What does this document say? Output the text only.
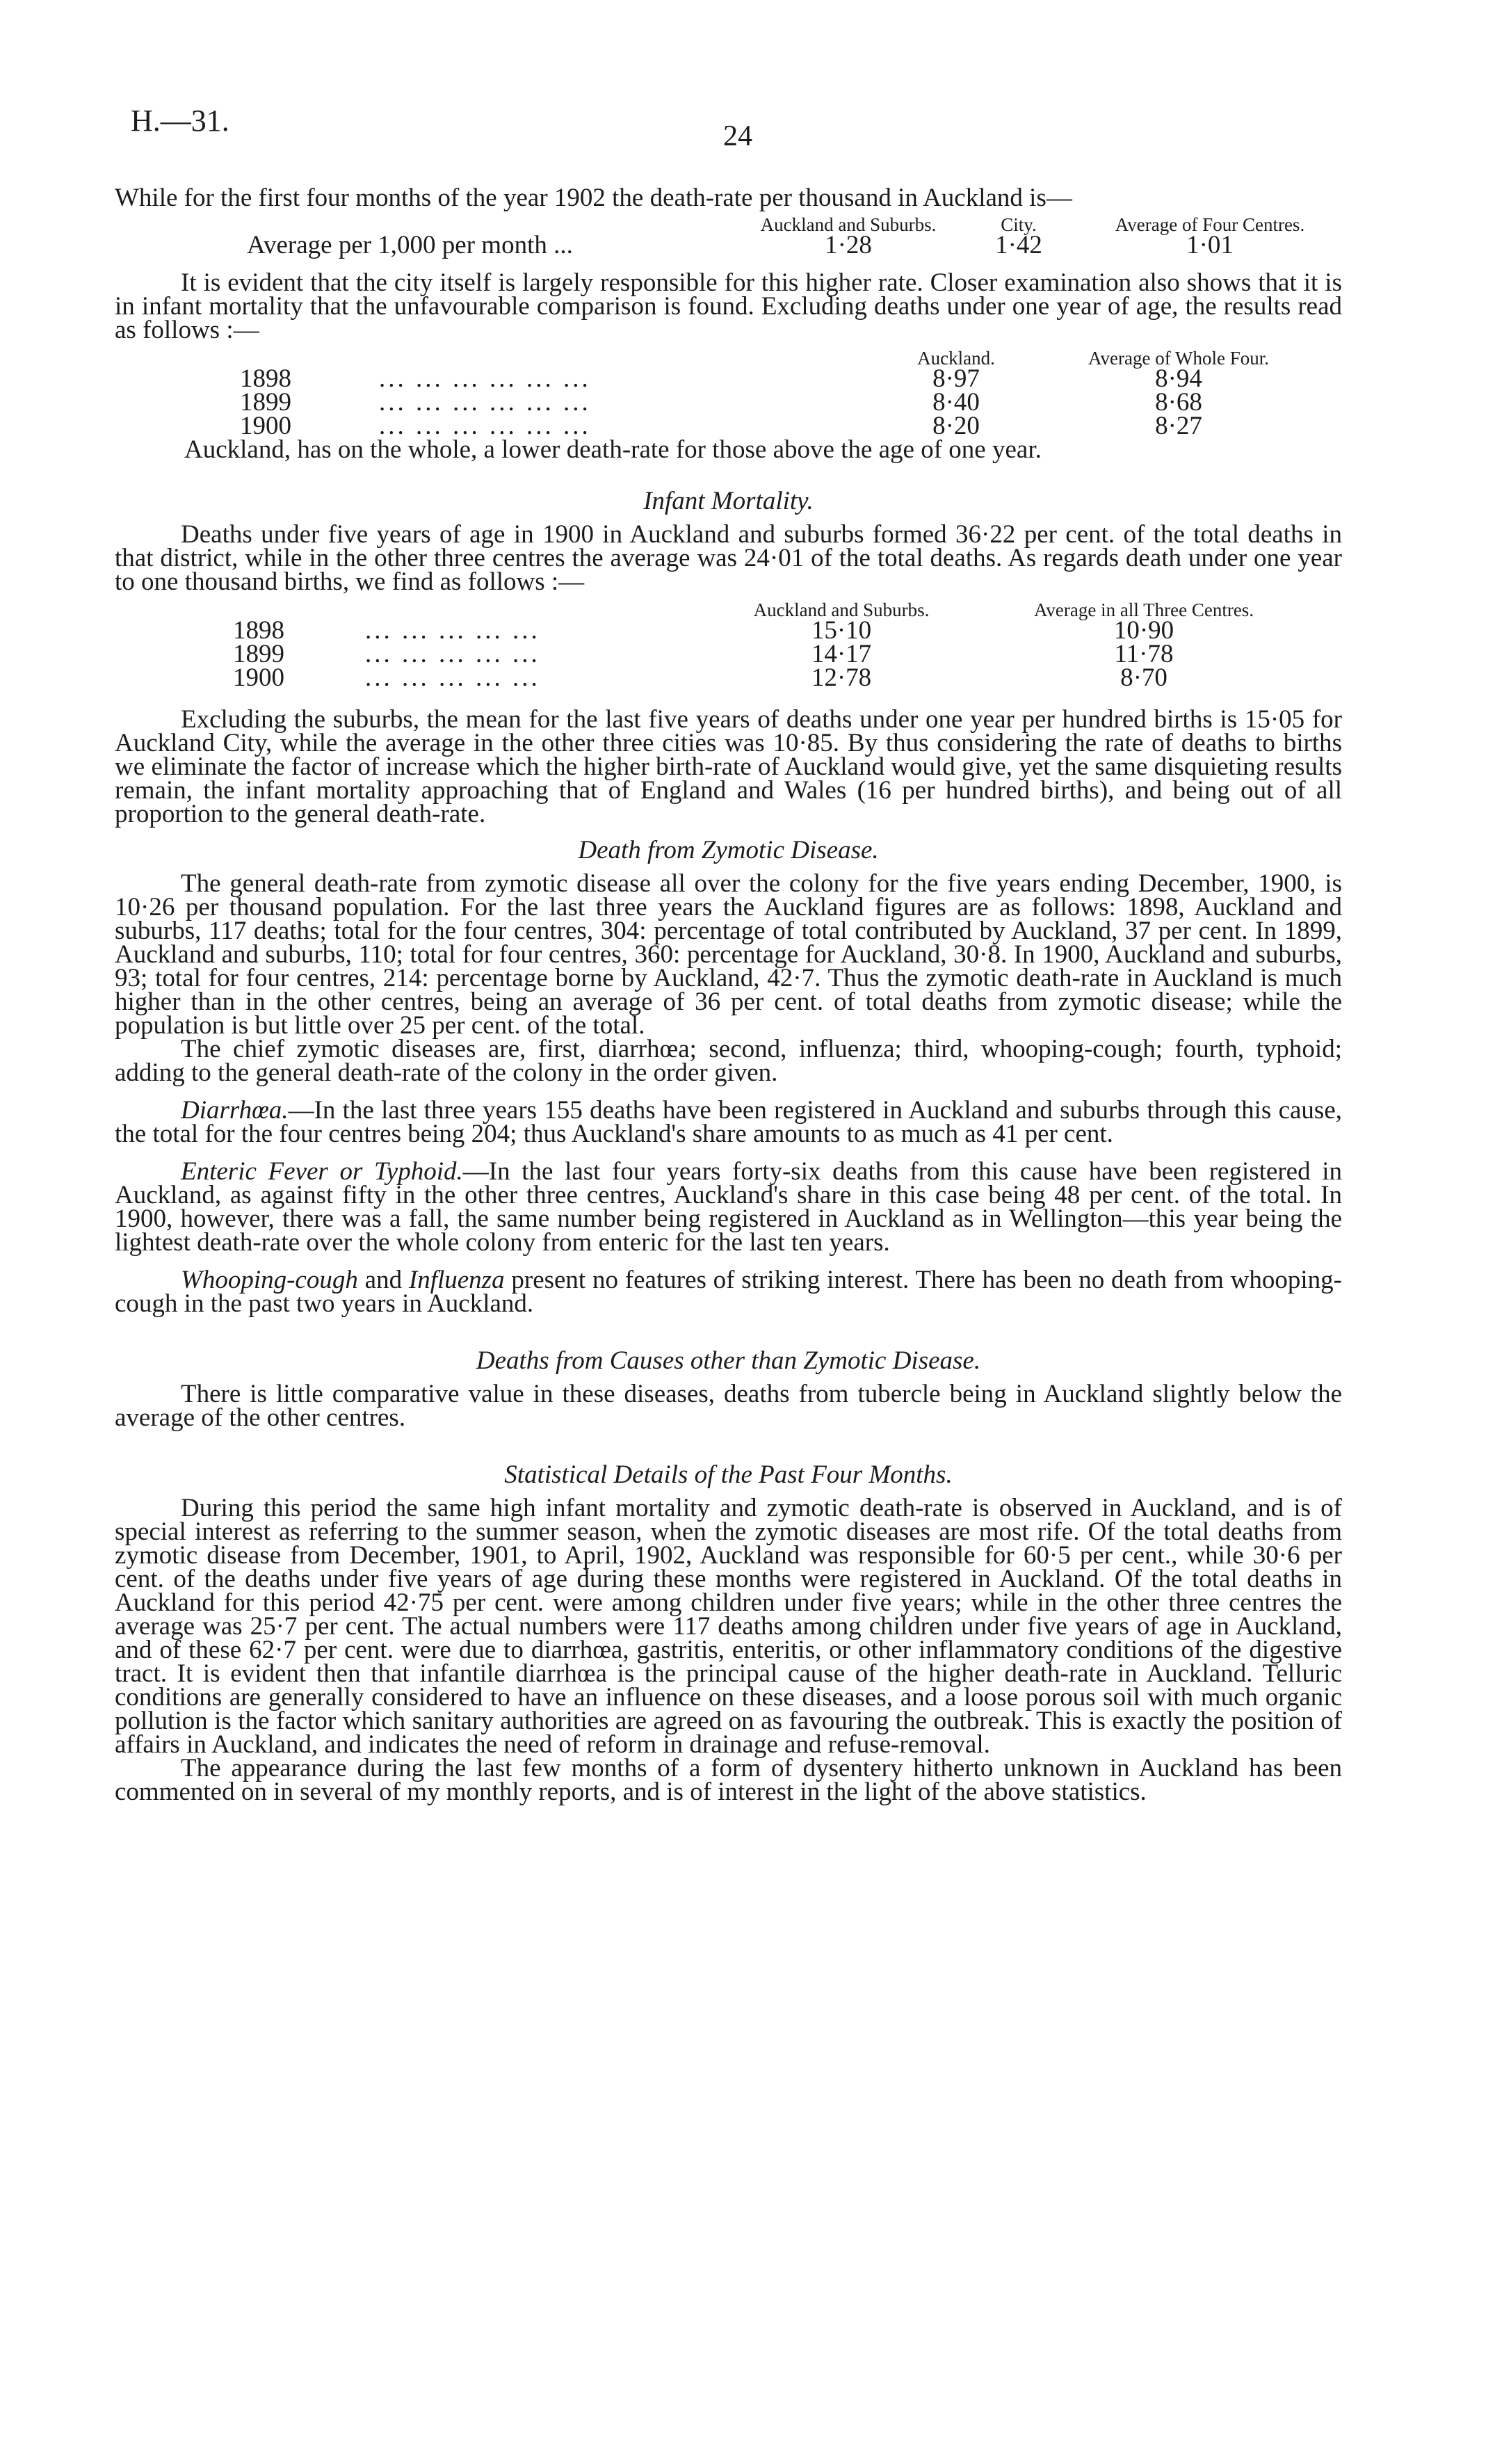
H.—31.	24

While for the first four months of the year 1902 the death-rate per thousand in Auckland is—

	Auckland and Suburbs.	City.	Average of Four Centres.
Average per 1,000 per month ...	1·28	1·42	1·01

It is evident that the city itself is largely responsible for this higher rate. Closer examination also shows that it is in infant mortality that the unfavourable comparison is found. Excluding deaths under one year of age, the results read as follows :—

		Auckland.	Average of Whole Four.
1898	... ... ... ... ... ...	8·97	8·94
1899	... ... ... ... ... ...	8·40	8·68
1900	... ... ... ... ... ...	8·20	8·27

Auckland, has on the whole, a lower death-rate for those above the age of one year.

Infant Mortality.

Deaths under five years of age in 1900 in Auckland and suburbs formed 36·22 per cent. of the total deaths in that district, while in the other three centres the average was 24·01 of the total deaths. As regards death under one year to one thousand births, we find as follows :—

		Auckland and Suburbs.	Average in all Three Centres.
1898	... ... ... ... ...	15·10	10·90
1899	... ... ... ... ...	14·17	11·78
1900	... ... ... ... ...	12·78	8·70

Excluding the suburbs, the mean for the last five years of deaths under one year per hundred births is 15·05 for Auckland City, while the average in the other three cities was 10·85. By thus considering the rate of deaths to births we eliminate the factor of increase which the higher birth-rate of Auckland would give, yet the same disquieting results remain, the infant mortality approaching that of England and Wales (16 per hundred births), and being out of all proportion to the general death-rate.

Death from Zymotic Disease.

The general death-rate from zymotic disease all over the colony for the five years ending December, 1900, is 10·26 per thousand population. For the last three years the Auckland figures are as follows: 1898, Auckland and suburbs, 117 deaths; total for the four centres, 304: percentage of total contributed by Auckland, 37 per cent. In 1899, Auckland and suburbs, 110; total for four centres, 360: percentage for Auckland, 30·8. In 1900, Auckland and suburbs, 93; total for four centres, 214: percentage borne by Auckland, 42·7. Thus the zymotic death-rate in Auckland is much higher than in the other centres, being an average of 36 per cent. of total deaths from zymotic disease; while the population is but little over 25 per cent. of the total.

The chief zymotic diseases are, first, diarrhœa; second, influenza; third, whooping-cough; fourth, typhoid; adding to the general death-rate of the colony in the order given.

Diarrhœa.—In the last three years 155 deaths have been registered in Auckland and suburbs through this cause, the total for the four centres being 204; thus Auckland's share amounts to as much as 41 per cent.

Enteric Fever or Typhoid.—In the last four years forty-six deaths from this cause have been registered in Auckland, as against fifty in the other three centres, Auckland's share in this case being 48 per cent. of the total. In 1900, however, there was a fall, the same number being registered in Auckland as in Wellington—this year being the lightest death-rate over the whole colony from enteric for the last ten years.

Whooping-cough and Influenza present no features of striking interest. There has been no death from whooping-cough in the past two years in Auckland.

Deaths from Causes other than Zymotic Disease.

There is little comparative value in these diseases, deaths from tubercle being in Auckland slightly below the average of the other centres.

Statistical Details of the Past Four Months.

During this period the same high infant mortality and zymotic death-rate is observed in Auckland, and is of special interest as referring to the summer season, when the zymotic diseases are most rife. Of the total deaths from zymotic disease from December, 1901, to April, 1902, Auckland was responsible for 60·5 per cent., while 30·6 per cent. of the deaths under five years of age during these months were registered in Auckland. Of the total deaths in Auckland for this period 42·75 per cent. were among children under five years; while in the other three centres the average was 25·7 per cent. The actual numbers were 117 deaths among children under five years of age in Auckland, and of these 62·7 per cent. were due to diarrhœa, gastritis, enteritis, or other inflammatory conditions of the digestive tract. It is evident then that infantile diarrhœa is the principal cause of the higher death-rate in Auckland. Telluric conditions are generally considered to have an influence on these diseases, and a loose porous soil with much organic pollution is the factor which sanitary authorities are agreed on as favouring the outbreak. This is exactly the position of affairs in Auckland, and indicates the need of reform in drainage and refuse-removal.

The appearance during the last few months of a form of dysentery hitherto unknown in Auckland has been commented on in several of my monthly reports, and is of interest in the light of the above statistics.
